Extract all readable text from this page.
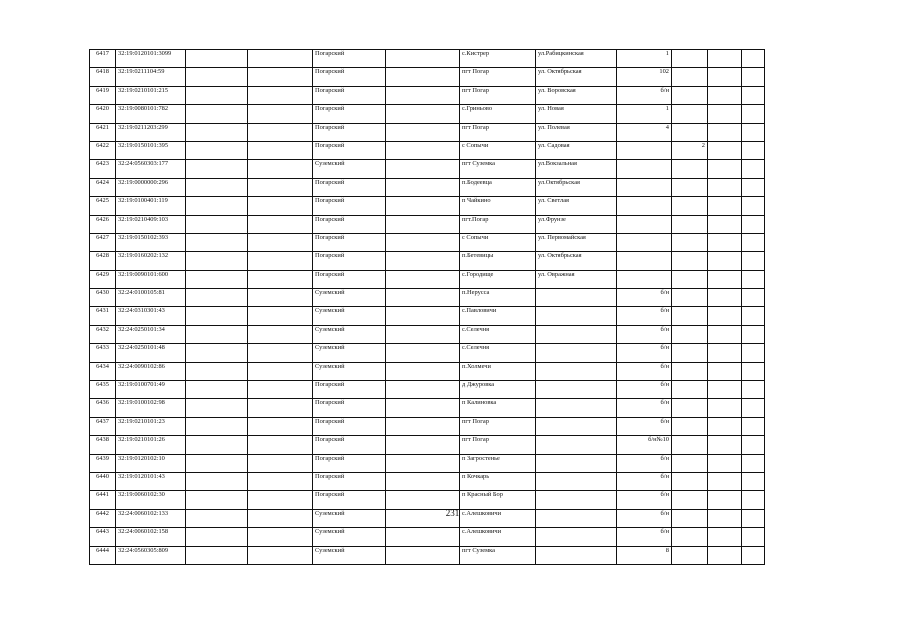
6417	32:19:0120101:3099			Погарский		с.Кистрер	ул.Рабицкинская	1			
6418	32:19:0211104:59			Погарский		пгт Погар	ул. Октябрьская	102			
6419	32:19:0210101:215			Погарский		пгт Погар	ул. Воровская	б/н			
6420	32:19:0080101:782			Погарский		с.Гриньово	ул. Новая	1			
6421	32:19:0211203:299			Погарский		пгт Погар	ул. Полевая	4			
6422	32:19:0150101:395			Погарский		с Сопычи	ул. Садовая		2		
6423	32:24:0560303:177			Суземский		пгт Суземка	ул.Вокзальная				
6424	32:19:0000000:296			Погарский		п.Бодеевца	ул.Октябрьская				
6425	32:19:0100401:119			Погарский		п Чайкино	ул. Светлая				
6426	32:19:0210409:103			Погарский		пгт.Погар	ул.Фрунзе				
6427	32:19:0150102:393			Погарский		с Сопычи	ул. Первомайская				
6428	32:19:0160202:132			Погарский		п.Бетевицы	ул. Октябрьская				
6429	32:19:0090101:600			Погарский		с.Городище	ул. Овражная				
6430	32:24:0100105:81			Суземский		п.Нерусса		б/н			
6431	32:24:0310301:43			Суземский		с.Павловичи		б/н			
6432	32:24:0250101:34			Суземский		с.Селечня		б/н			
6433	32:24:0250101:48			Суземский		с.Селечня		б/н			
6434	32:24:0090102:86			Суземский		п.Холмечи		б/н			
6435	32:19:0100701:49			Погарский		д Джуровка		б/н			
6436	32:19:0100102:98			Погарский		п Калиновка		б/н			
6437	32:19:0210101:23			Погарский		пгт Погар		б/н			
6438	32:19:0210101:26			Погарский		пгт Погар		б/н№10			
6439	32:19:0120102:10			Погарский		п Загростенье		б/н			
6440	32:19:0120101:43			Погарский		п Кочкарь		б/н			
6441	32:19:0060102:30			Погарский		п Красный Бор		б/н			
6442	32:24:0060102:133			Суземский		с.Алешковичи		б/н			
6443	32:24:0060102:158			Суземский		с.Алешковичи		б/н			
6444	32:24:0560305:809			Суземский		пгт Суземка		8			
231
